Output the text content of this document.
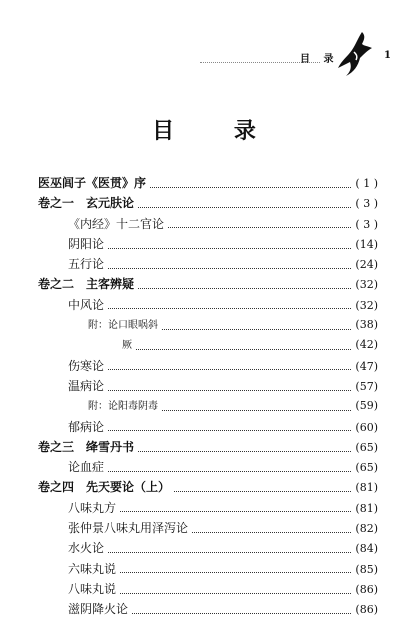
目 录	1
目 录
医巫闾子《医贯》序	( 1 )
卷之一　玄元肤论	( 3 )
《内经》十二官论	( 3 )
阴阳论	(14)
五行论	(24)
卷之二　主客辨疑	(32)
中风论	(32)
附：论口眼㖞斜	(38)
厥	(42)
伤寒论	(47)
温病论	(57)
附：论阳毒阴毒	(59)
郁病论	(60)
卷之三　绛雪丹书	(65)
论血症	(65)
卷之四　先天要论（上）	(81)
八味丸方	(81)
张仲景八味丸用泽泻论	(82)
水火论	(84)
六味丸说	(85)
八味丸说	(86)
滋阴降火论	(86)
